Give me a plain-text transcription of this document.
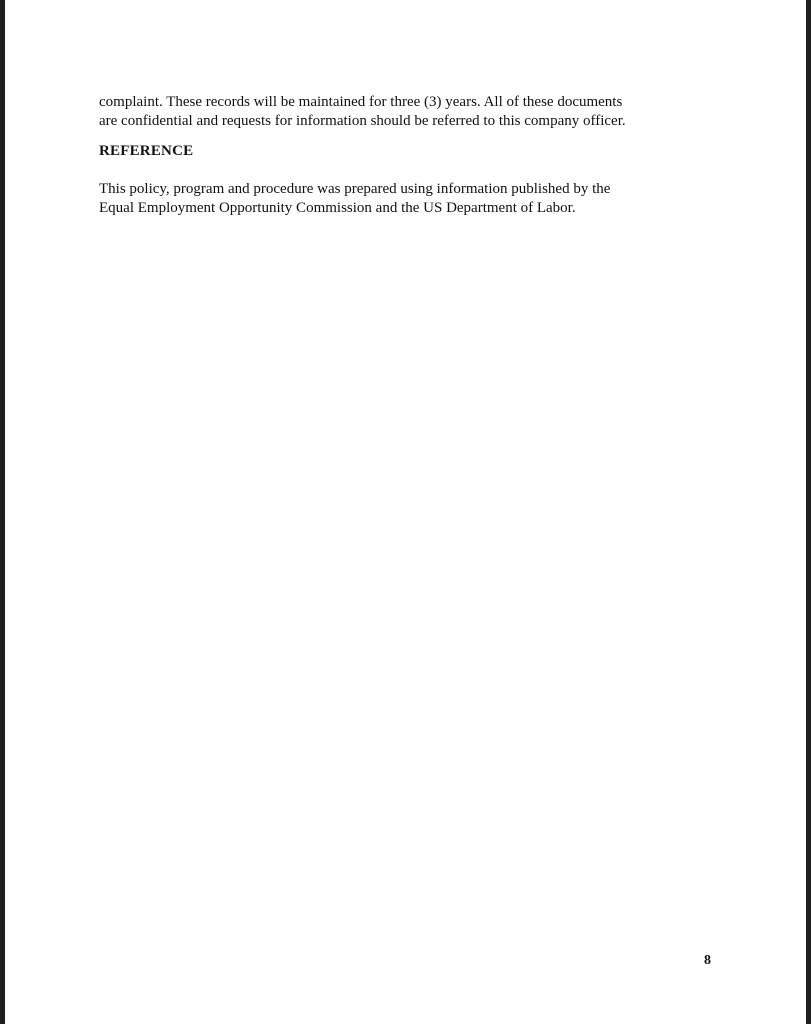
complaint. These records will be maintained for three (3) years. All of these documents
are confidential and requests for information should be referred to this company officer.

REFERENCE

This policy, program and procedure was prepared using information published by the
Equal Employment Opportunity Commission and the US Department of Labor.

8
